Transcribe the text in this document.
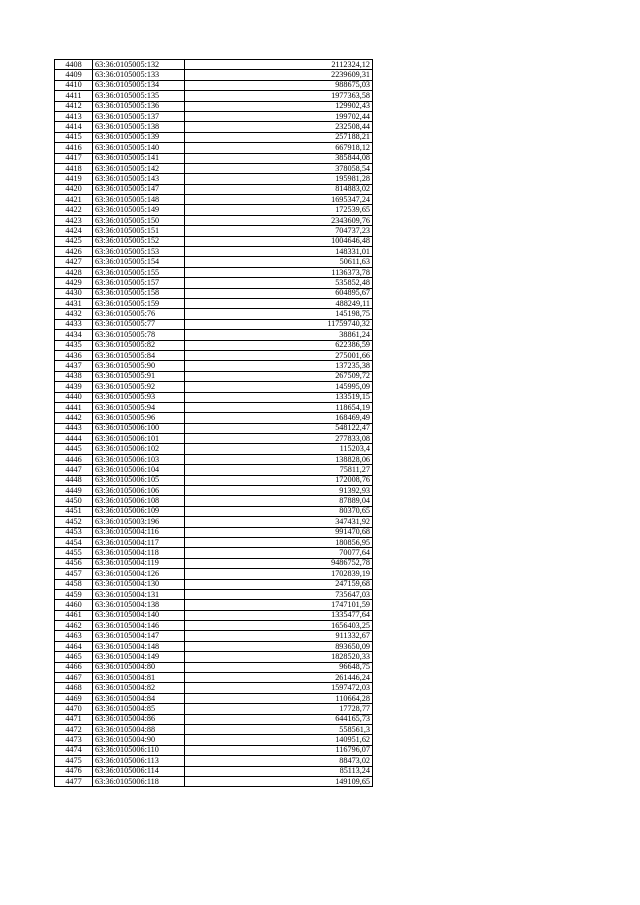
4408	63:36:0105005:132	2112324,12
4409	63:36:0105005:133	2239609,31
4410	63:36:0105005:134	988675,03
4411	63:36:0105005:135	1977363,58
4412	63:36:0105005:136	129902,43
4413	63:36:0105005:137	199702,44
4414	63:36:0105005:138	232508,44
4415	63:36:0105005:139	257188,21
4416	63:36:0105005:140	667918,12
4417	63:36:0105005:141	385844,08
4418	63:36:0105005:142	378058,54
4419	63:36:0105005:143	195981,28
4420	63:36:0105005:147	814883,02
4421	63:36:0105005:148	1695347,24
4422	63:36:0105005:149	172539,65
4423	63:36:0105005:150	2343609,76
4424	63:36:0105005:151	704737,23
4425	63:36:0105005:152	1004646,48
4426	63:36:0105005:153	148331,01
4427	63:36:0105005:154	50611,63
4428	63:36:0105005:155	1136373,78
4429	63:36:0105005:157	535852,48
4430	63:36:0105005:158	604895,67
4431	63:36:0105005:159	488249,11
4432	63:36:0105005:76	145198,75
4433	63:36:0105005:77	11759740,32
4434	63:36:0105005:78	38861,24
4435	63:36:0105005:82	622386,59
4436	63:36:0105005:84	275001,66
4437	63:36:0105005:90	137235,38
4438	63:36:0105005:91	267509,72
4439	63:36:0105005:92	145995,09
4440	63:36:0105005:93	133519,15
4441	63:36:0105005:94	118654,19
4442	63:36:0105005:96	168469,49
4443	63:36:0105006:100	548122,47
4444	63:36:0105006:101	277833,08
4445	63:36:0105006:102	115203,4
4446	63:36:0105006:103	138828,06
4447	63:36:0105006:104	75811,27
4448	63:36:0105006:105	172008,76
4449	63:36:0105006:106	91392,93
4450	63:36:0105006:108	87889,04
4451	63:36:0105006:109	80370,65
4452	63:36:0105003:196	347431,92
4453	63:36:0105004:116	991470,68
4454	63:36:0105004:117	180856,95
4455	63:36:0105004:118	70077,64
4456	63:36:0105004:119	9486752,78
4457	63:36:0105004:126	1702839,19
4458	63:36:0105004:130	247159,68
4459	63:36:0105004:131	735647,03
4460	63:36:0105004:138	1747101,59
4461	63:36:0105004:140	1335477,64
4462	63:36:0105004:146	1656403,25
4463	63:36:0105004:147	911332,67
4464	63:36:0105004:148	893650,09
4465	63:36:0105004:149	1828520,33
4466	63:36:0105004:80	96648,75
4467	63:36:0105004:81	261446,24
4468	63:36:0105004:82	1597472,03
4469	63:36:0105004:84	110664,28
4470	63:36:0105004:85	17728,77
4471	63:36:0105004:86	644165,73
4472	63:36:0105004:88	558561,3
4473	63:36:0105004:90	140951,62
4474	63:36:0105006:110	116796,07
4475	63:36:0105006:113	88473,02
4476	63:36:0105006:114	85113,24
4477	63:36:0105006:118	149109,65
